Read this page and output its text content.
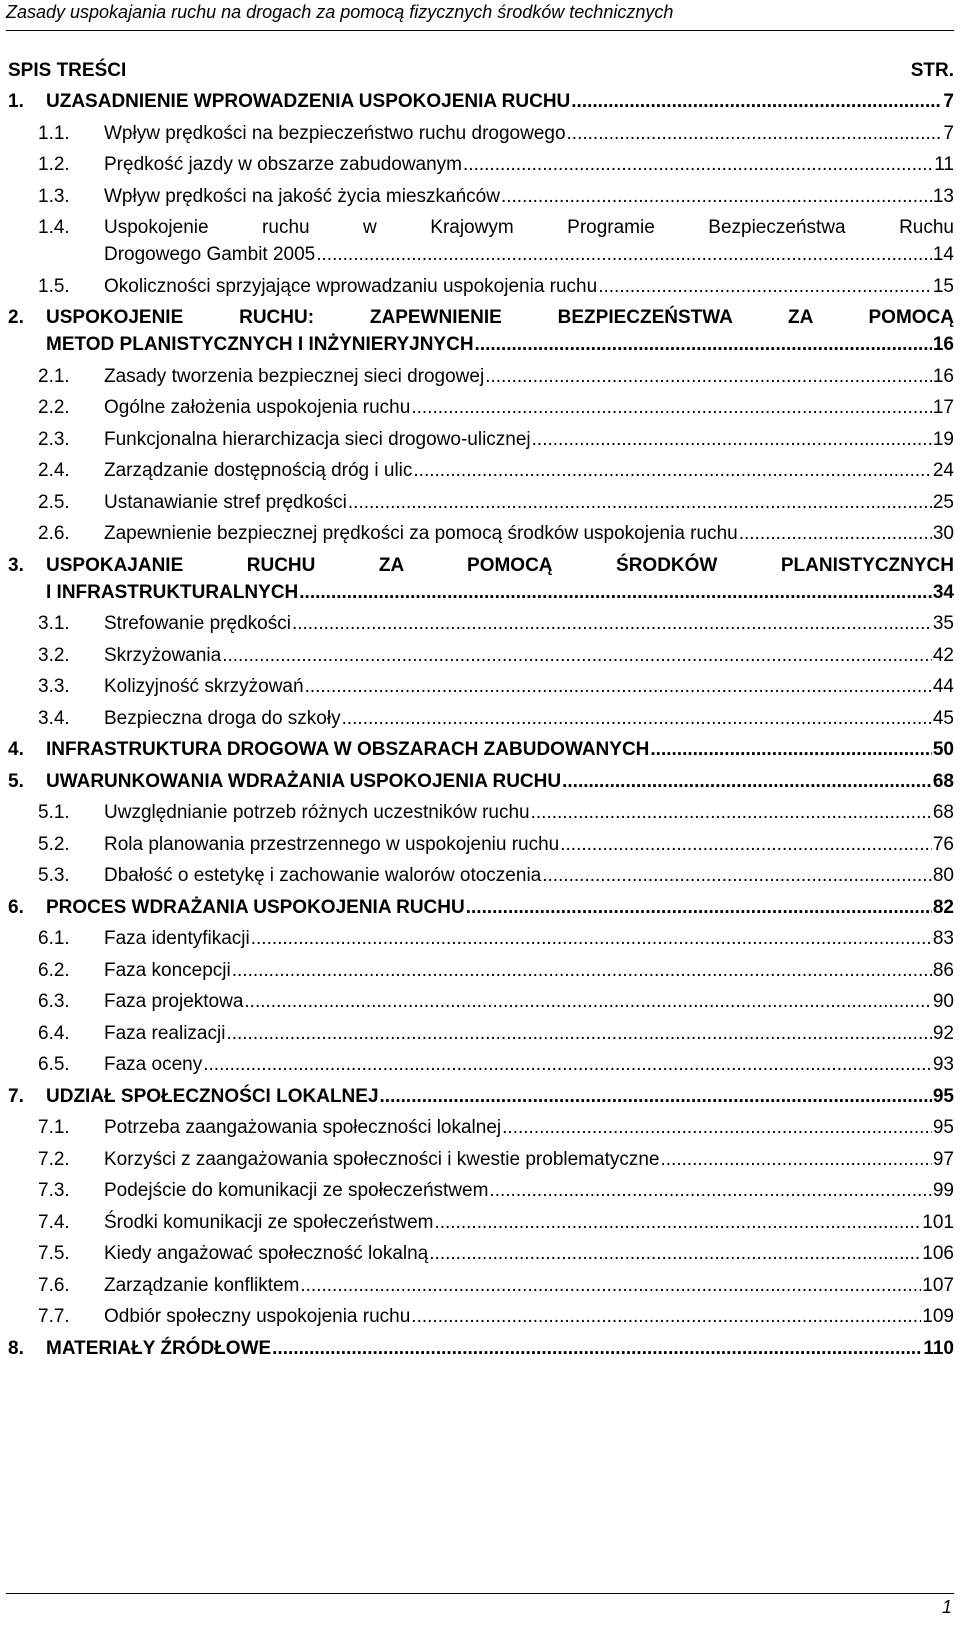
Zasady uspokajania ruchu na drogach za pomocą fizycznych środków technicznych
SPIS TREŚCI	STR.
1. UZASADNIENIE WPROWADZENIA USPOKOJENIA RUCHU .....	7
1.1. Wpływ prędkości na bezpieczeństwo ruchu drogowego .....	7
1.2. Prędkość jazdy w obszarze zabudowanym .....	11
1.3. Wpływ prędkości na jakość życia mieszkańców .....	13
1.4. Uspokojenie ruchu w Krajowym Programie Bezpieczeństwa Ruchu
Drogowego Gambit 2005 .....	14
1.5. Okoliczności sprzyjające wprowadzaniu uspokojenia ruchu .....	15
2. USPOKOJENIE RUCHU: ZAPEWNIENIE BEZPIECZEŃSTWA ZA POMOCĄ
METOD PLANISTYCZNYCH I INŻYNIERYJNYCH .....	16
2.1. Zasady tworzenia bezpiecznej sieci drogowej .....	16
2.2. Ogólne założenia uspokojenia ruchu .....	17
2.3. Funkcjonalna hierarchizacja sieci drogowo-ulicznej .....	19
2.4. Zarządzanie dostępnością dróg i ulic .....	24
2.5. Ustanawianie stref prędkości .....	25
2.6. Zapewnienie bezpiecznej prędkości za pomocą środków uspokojenia ruchu .....	30
3. USPOKAJANIE RUCHU ZA POMOCĄ ŚRODKÓW PLANISTYCZNYCH
I INFRASTRUKTURALNYCH .....	34
3.1. Strefowanie prędkości .....	35
3.2. Skrzyżowania .....	42
3.3. Kolizyjność skrzyżowań .....	44
3.4. Bezpieczna droga do szkoły .....	45
4. INFRASTRUKTURA DROGOWA W OBSZARACH ZABUDOWANYCH .....	50
5. UWARUNKOWANIA WDRAŻANIA USPOKOJENIA RUCHU .....	68
5.1. Uwzględnianie potrzeb różnych uczestników ruchu .....	68
5.2. Rola planowania przestrzennego w uspokojeniu ruchu .....	76
5.3. Dbałość o estetykę i zachowanie walorów otoczenia .....	80
6. PROCES WDRAŻANIA USPOKOJENIA RUCHU .....	82
6.1. Faza identyfikacji .....	83
6.2. Faza koncepcji .....	86
6.3. Faza projektowa .....	90
6.4. Faza realizacji .....	92
6.5. Faza oceny .....	93
7. UDZIAŁ SPOŁECZNOŚCI LOKALNEJ .....	95
7.1. Potrzeba zaangażowania społeczności lokalnej .....	95
7.2. Korzyści z zaangażowania społeczności i kwestie problematyczne .....	97
7.3. Podejście do komunikacji ze społeczeństwem .....	99
7.4. Środki komunikacji ze społeczeństwem .....	101
7.5. Kiedy angażować społeczność lokalną .....	106
7.6. Zarządzanie konfliktem .....	107
7.7. Odbiór społeczny uspokojenia ruchu .....	109
8. MATERIAŁY ŹRÓDŁOWE .....	110
1
